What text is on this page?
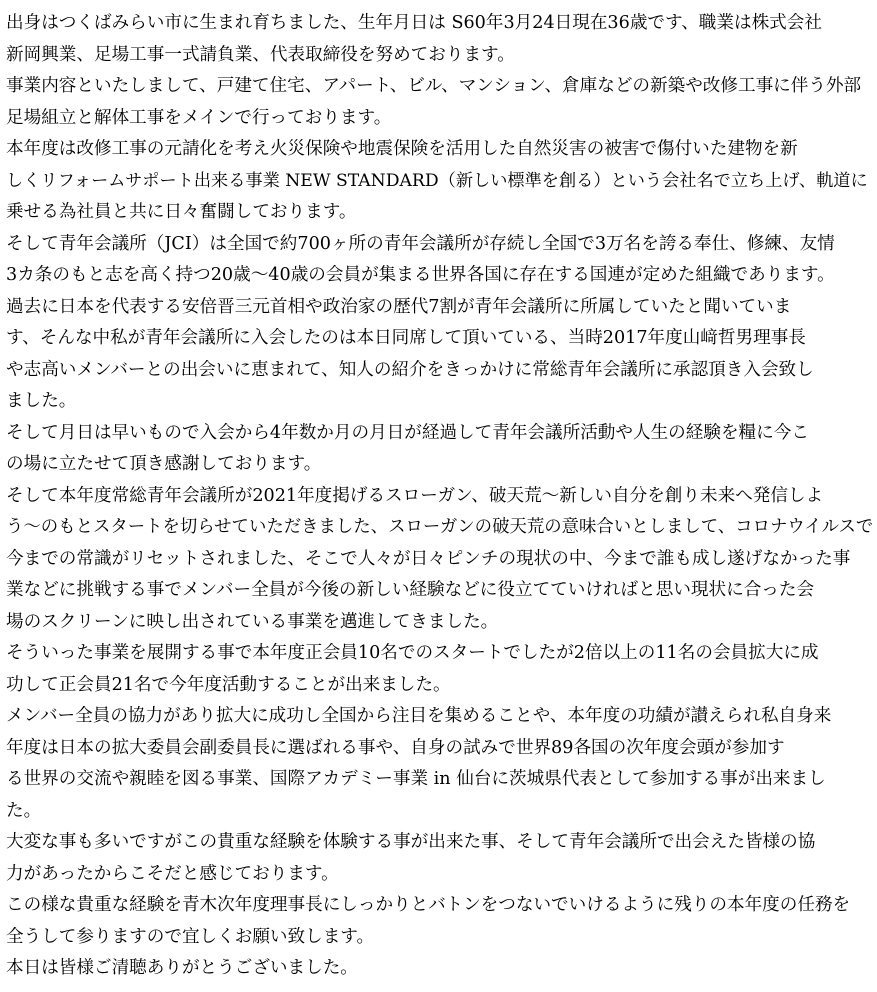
出身はつくばみらい市に生まれ育ちました、生年月日は S60年3月24日現在36歳です、職業は株式会社
新岡興業、足場工事一式請負業、代表取締役を努めております。
事業内容といたしまして、戸建て住宅、アパート、ビル、マンション、倉庫などの新築や改修工事に伴う外部
足場組立と解体工事をメインで行っております。
本年度は改修工事の元請化を考え火災保険や地震保険を活用した自然災害の被害で傷付いた建物を新
しくリフォームサポート出来る事業 NEW STANDARD（新しい標準を創る）という会社名で立ち上げ、軌道に
乗せる為社員と共に日々奮闘しております。
そして青年会議所（JCI）は全国で約700ヶ所の青年会議所が存続し全国で3万名を誇る奉仕、修練、友情
3カ条のもと志を高く持つ20歳～40歳の会員が集まる世界各国に存在する国連が定めた組織であります。
過去に日本を代表する安倍晋三元首相や政治家の歴代7割が青年会議所に所属していたと聞いていま
す、そんな中私が青年会議所に入会したのは本日同席して頂いている、当時2017年度山﨑哲男理事長
や志高いメンバーとの出会いに恵まれて、知人の紹介をきっかけに常総青年会議所に承認頂き入会致し
ました。
そして月日は早いもので入会から4年数か月の月日が経過して青年会議所活動や人生の経験を糧に今こ
の場に立たせて頂き感謝しております。
そして本年度常総青年会議所が2021年度掲げるスローガン、破天荒～新しい自分を創り未来へ発信しよ
う～のもとスタートを切らせていただきました、スローガンの破天荒の意味合いとしまして、コロナウイルスで
今までの常識がリセットされました、そこで人々が日々ピンチの現状の中、今まで誰も成し遂げなかった事
業などに挑戦する事でメンバー全員が今後の新しい経験などに役立てていければと思い現状に合った会
場のスクリーンに映し出されている事業を邁進してきました。
そういった事業を展開する事で本年度正会員10名でのスタートでしたが2倍以上の11名の会員拡大に成
功して正会員21名で今年度活動することが出来ました。
メンバー全員の協力があり拡大に成功し全国から注目を集めることや、本年度の功績が讃えられ私自身来
年度は日本の拡大委員会副委員長に選ばれる事や、自身の試みで世界89各国の次年度会頭が参加す
る世界の交流や親睦を図る事業、国際アカデミー事業 in 仙台に茨城県代表として参加する事が出来まし
た。
大変な事も多いですがこの貴重な経験を体験する事が出来た事、そして青年会議所で出会えた皆様の協
力があったからこそだと感じております。
この様な貴重な経験を青木次年度理事長にしっかりとバトンをつないでいけるように残りの本年度の任務を
全うして参りますので宜しくお願い致します。
本日は皆様ご清聴ありがとうございました。
